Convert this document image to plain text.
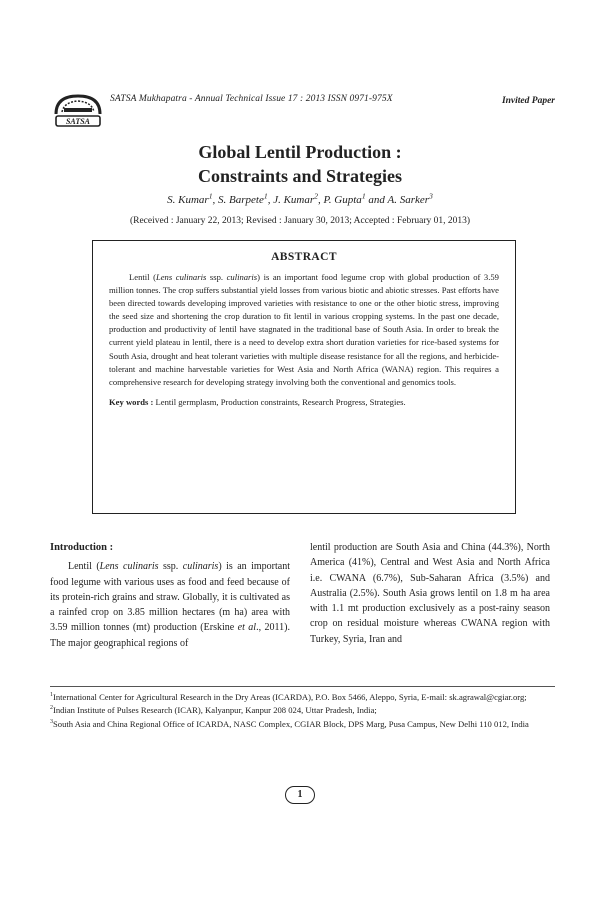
SATSA
SATSA Mukhapatra - Annual Technical Issue 17 : 2013 ISSN 0971-975X	Invited Paper
Global Lentil Production :
Constraints and Strategies
S. Kumar$^1$, S. Barpete$^1$, J. Kumar$^2$, P. Gupta$^1$ and A. Sarker$^3$
(Received : January 22, 2013; Revised : January 30, 2013; Accepted : February 01, 2013)
ABSTRACT

Lentil (Lens culinaris ssp. culinaris) is an important food legume crop with global production of 3.59 million tonnes. The crop suffers substantial yield losses from various biotic and abiotic stresses. Past efforts have been directed towards developing improved varieties with resistance to one or the other biotic stress, improving the seed size and shortening the crop duration to fit lentil in various cropping systems. In the past one decade, production and productivity of lentil have stagnated in the traditional base of South Asia. In order to break the current yield plateau in lentil, there is a need to develop extra short duration varieties for rice-based systems for South Asia, drought and heat tolerant varieties with multiple disease resistance for all the regions, and herbicide-tolerant and machine harvestable varieties for West Asia and North Africa (WANA) region. This requires a comprehensive research for developing strategy involving both the conventional and genomics tools.

Key words : Lentil germplasm, Production constraints, Research Progress, Strategies.
Introduction :

Lentil (Lens culinaris ssp. culinaris) is an important food legume with various uses as food and feed because of its protein-rich grains and straw. Globally, it is cultivated as a rainfed crop on 3.85 million hectares (m ha) area with 3.59 million tonnes (mt) production (Erskine et al., 2011). The major geographical regions of

lentil production are South Asia and China (44.3%), North America (41%), Central and West Asia and North Africa i.e. CWANA (6.7%), Sub-Saharan Africa (3.5%) and Australia (2.5%). South Asia grows lentil on 1.8 m ha area with 1.1 mt production exclusively as a post-rainy season crop on residual moisture whereas CWANA region with Turkey, Syria, Iran and

$^1$International Center for Agricultural Research in the Dry Areas (ICARDA), P.O. Box 5466, Aleppo, Syria, E-mail: sk.agrawal@cgiar.org;

$^2$Indian Institute of Pulses Research (ICAR), Kalyanpur, Kanpur 208 024, Uttar Pradesh, India;

$^3$South Asia and China Regional Office of ICARDA, NASC Complex, CGIAR Block, DPS Marg, Pusa Campus, New Delhi 110 012, India

1
